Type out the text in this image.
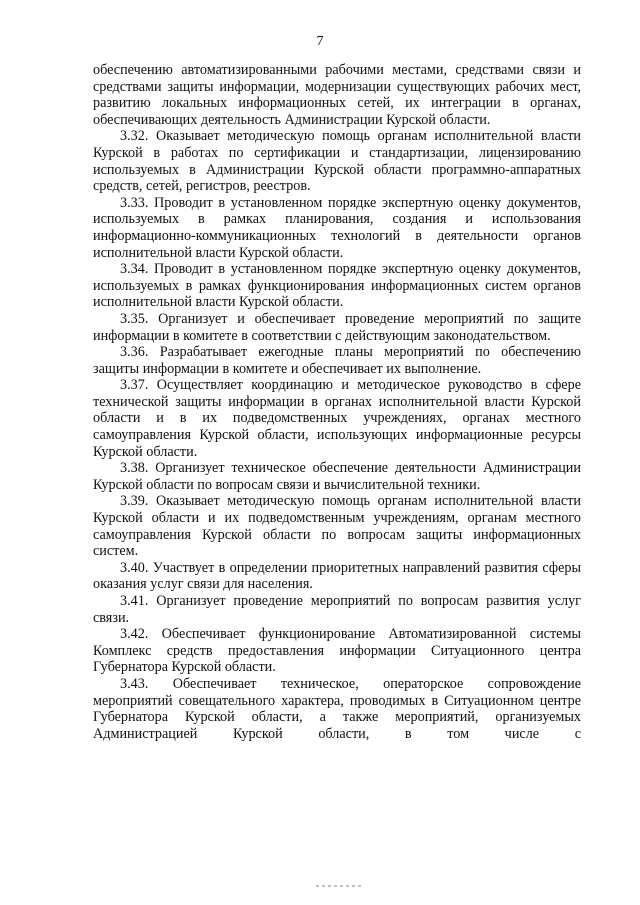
7

обеспечению автоматизированными рабочими местами, средствами связи и средствами защиты информации, модернизации существующих рабочих мест, развитию локальных информационных сетей, их интеграции в органах, обеспечивающих деятельность Администрации Курской области.

3.32. Оказывает методическую помощь органам исполнительной власти Курской в работах по сертификации и стандартизации, лицензированию используемых в Администрации Курской области программно-аппаратных средств, сетей, регистров, реестров.

3.33. Проводит в установленном порядке экспертную оценку документов, используемых в рамках планирования, создания и использования информационно-коммуникационных технологий в деятельности органов исполнительной власти Курской области.

3.34. Проводит в установленном порядке экспертную оценку документов, используемых в рамках функционирования информационных систем органов исполнительной власти Курской области.

3.35. Организует и обеспечивает проведение мероприятий по защите информации в комитете в соответствии с действующим законодательством.

3.36. Разрабатывает ежегодные планы мероприятий по обеспечению защиты информации в комитете и обеспечивает их выполнение.

3.37. Осуществляет координацию и методическое руководство в сфере технической защиты информации в органах исполнительной власти Курской области и в их подведомственных учреждениях, органах местного самоуправления Курской области, использующих информационные ресурсы Курской области.

3.38. Организует техническое обеспечение деятельности Администрации Курской области по вопросам связи и вычислительной техники.

3.39. Оказывает методическую помощь органам исполнительной власти Курской области и их подведомственным учреждениям, органам местного самоуправления Курской области по вопросам защиты информационных систем.

3.40. Участвует в определении приоритетных направлений развития сферы оказания услуг связи для населения.

3.41. Организует проведение мероприятий по вопросам развития услуг связи.

3.42. Обеспечивает функционирование Автоматизированной системы Комплекс средств предоставления информации Ситуационного центра Губернатора Курской области.

3.43. Обеспечивает техническое, операторское сопровождение мероприятий совещательного характера, проводимых в Ситуационном центре Губернатора Курской области, а также мероприятий, организуемых Администрацией Курской области, в том числе с
